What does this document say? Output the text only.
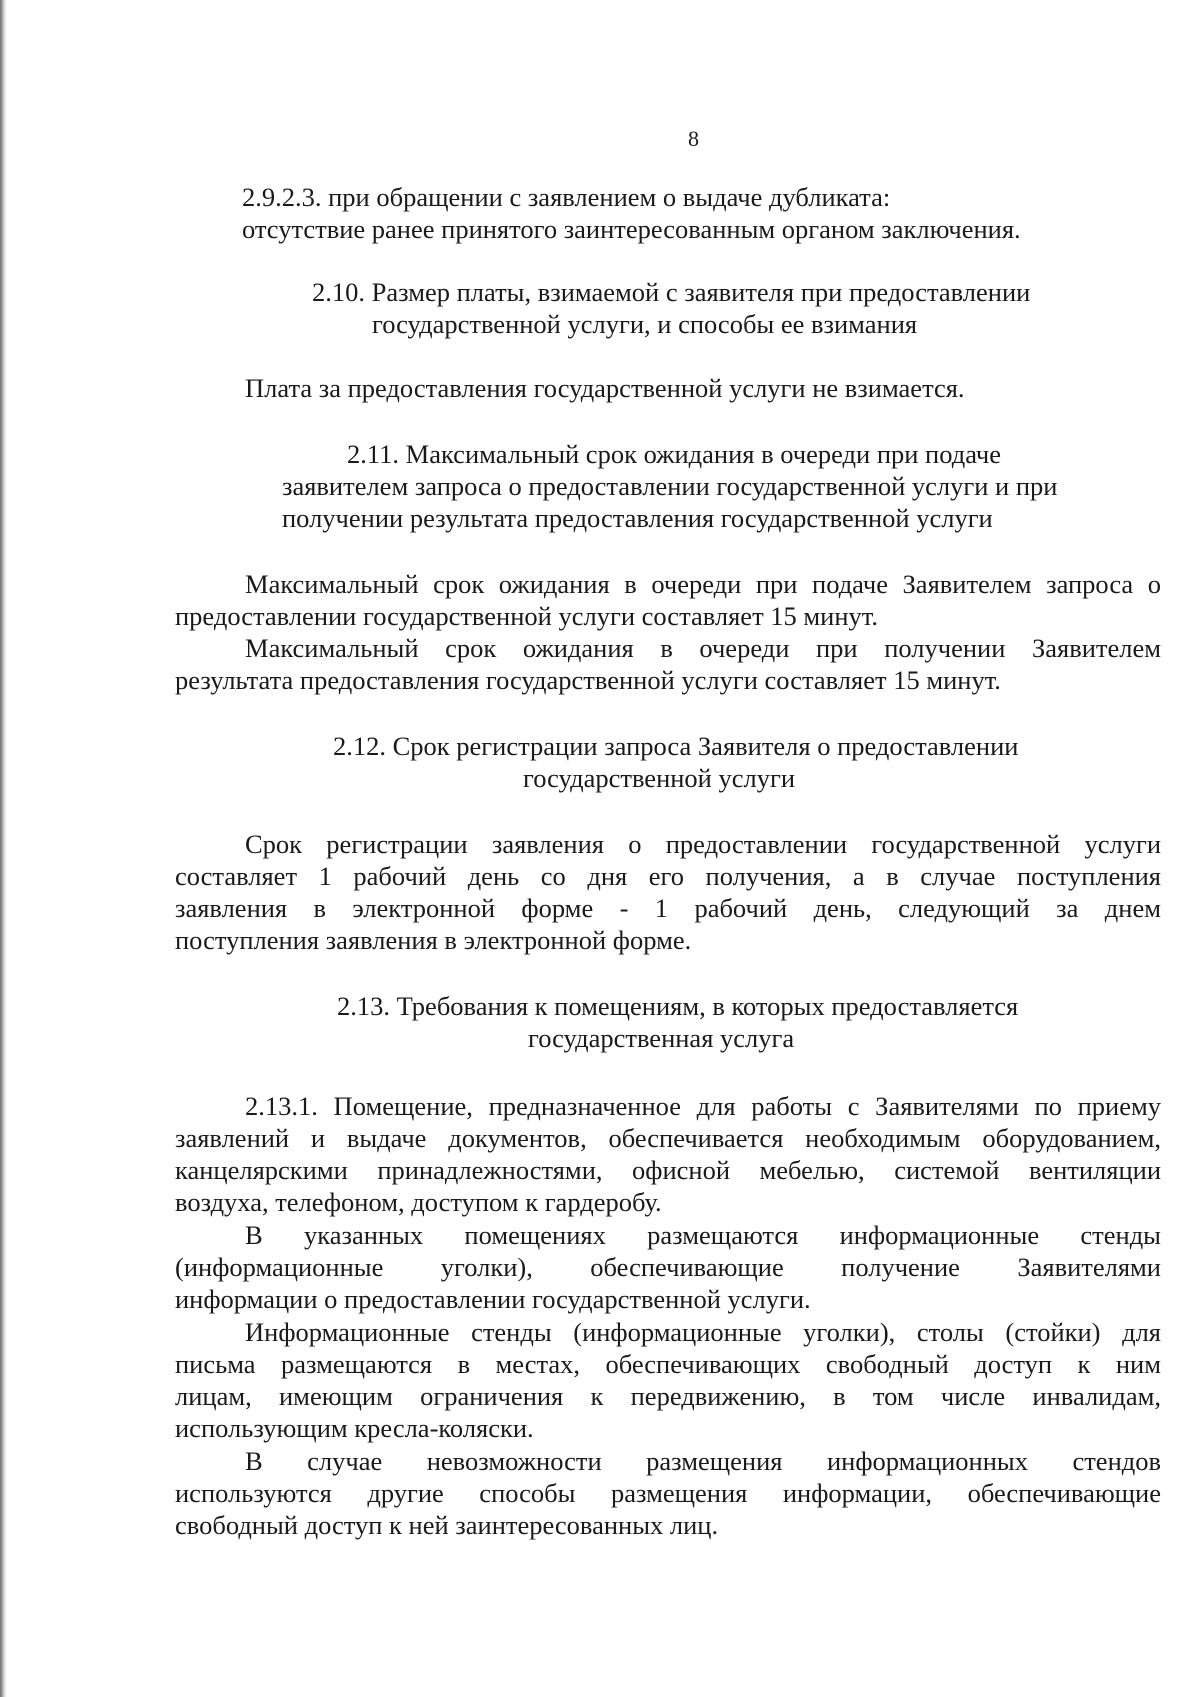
8
2.9.2.3. при обращении с заявлением о выдаче дубликата:
отсутствие ранее принятого заинтересованным органом заключения.
2.10. Размер платы, взимаемой с заявителя при предоставлении
государственной услуги, и способы ее взимания
Плата за предоставления государственной услуги не взимается.
2.11. Максимальный срок ожидания в очереди при подаче
заявителем запроса о предоставлении государственной услуги и при
получении результата предоставления государственной услуги
Максимальный срок ожидания в очереди при подаче Заявителем запроса о
предоставлении государственной услуги составляет 15 минут.
Максимальный срок ожидания в очереди при получении Заявителем
результата предоставления государственной услуги составляет 15 минут.
2.12. Срок регистрации запроса Заявителя о предоставлении
государственной услуги
Срок регистрации заявления о предоставлении государственной услуги
составляет 1 рабочий день со дня его получения, а в случае поступления
заявления в электронной форме - 1 рабочий день, следующий за днем
поступления заявления в электронной форме.
2.13. Требования к помещениям, в которых предоставляется
государственная услуга
2.13.1. Помещение, предназначенное для работы с Заявителями по приему
заявлений и выдаче документов, обеспечивается необходимым оборудованием,
канцелярскими принадлежностями, офисной мебелью, системой вентиляции
воздуха, телефоном, доступом к гардеробу.
В указанных помещениях размещаются информационные стенды
(информационные уголки), обеспечивающие получение Заявителями
информации о предоставлении государственной услуги.
Информационные стенды (информационные уголки), столы (стойки) для
письма размещаются в местах, обеспечивающих свободный доступ к ним
лицам, имеющим ограничения к передвижению, в том числе инвалидам,
использующим кресла-коляски.
В случае невозможности размещения информационных стендов
используются другие способы размещения информации, обеспечивающие
свободный доступ к ней заинтересованных лиц.
